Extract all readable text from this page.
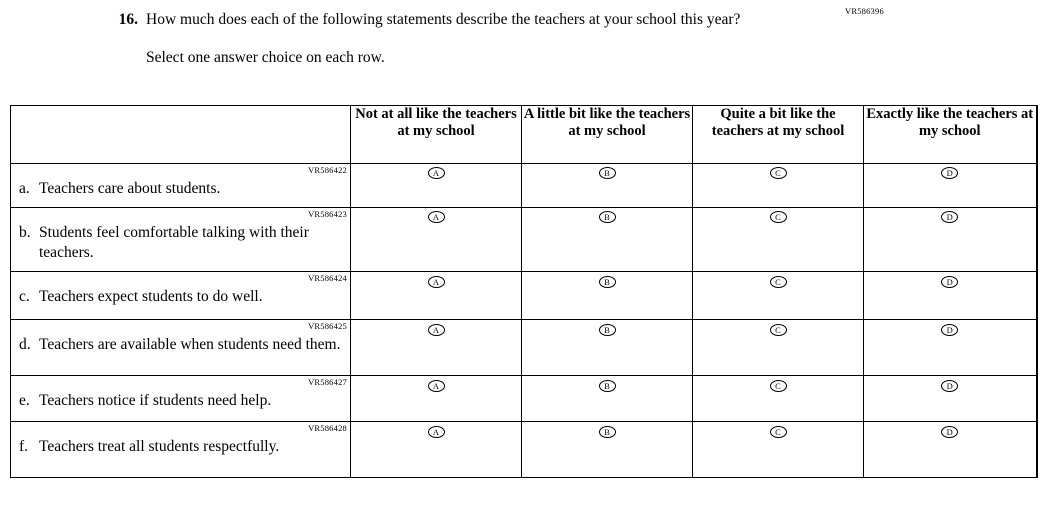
VR586396
16. How much does each of the following statements describe the teachers at your school this year?
Select one answer choice on each row.
	Not at all like the teachers at my school	A little bit like the teachers at my school	Quite a bit like the teachers at my school	Exactly like the teachers at my school

VR586422
a. Teachers care about students.	A	B	C	D

VR586423
b. Students feel comfortable talking with their teachers.	A	B	C	D

VR586424
c. Teachers expect students to do well.	A	B	C	D

VR586425
d. Teachers are available when students need them.	A	B	C	D

VR586427
e. Teachers notice if students need help.	A	B	C	D

VR586428
f. Teachers treat all students respectfully.	A	B	C	D
